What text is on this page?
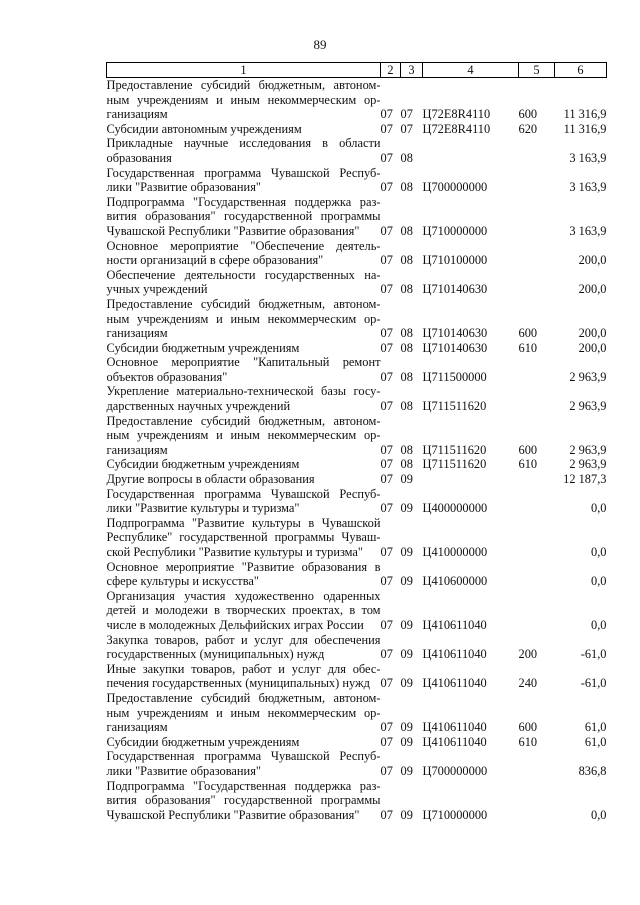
89
1	2	3	4	5	6

Предоставление субсидий бюджетным, автоном-
ным учреждениям и иным некоммерческим ор-
ганизациям	07	07	Ц72Е8R4110	600	11 316,9

Субсидии автономным учреждениям	07	07	Ц72Е8R4110	620	11 316,9

Прикладные научные исследования в области
образования	07	08			3 163,9

Государственная программа Чувашской Респуб-
лики "Развитие образования"	07	08	Ц700000000		3 163,9

Подпрограмма "Государственная поддержка раз-
вития образования" государственной программы
Чувашской Республики "Развитие образования"	07	08	Ц710000000		3 163,9

Основное мероприятие "Обеспечение деятель-
ности организаций в сфере образования"	07	08	Ц710100000		200,0

Обеспечение деятельности государственных на-
учных учреждений	07	08	Ц710140630		200,0

Предоставление субсидий бюджетным, автоном-
ным учреждениям и иным некоммерческим ор-
ганизациям	07	08	Ц710140630	600	200,0

Субсидии бюджетным учреждениям	07	08	Ц710140630	610	200,0

Основное мероприятие "Капитальный ремонт
объектов образования"	07	08	Ц711500000		2 963,9

Укрепление материально-технической базы госу-
дарственных научных учреждений	07	08	Ц711511620		2 963,9

Предоставление субсидий бюджетным, автоном-
ным учреждениям и иным некоммерческим ор-
ганизациям	07	08	Ц711511620	600	2 963,9

Субсидии бюджетным учреждениям	07	08	Ц711511620	610	2 963,9

Другие вопросы в области образования	07	09			12 187,3

Государственная программа Чувашской Респуб-
лики "Развитие культуры и туризма"	07	09	Ц400000000		0,0

Подпрограмма "Развитие культуры в Чувашской
Республике" государственной программы Чуваш-
ской Республики "Развитие культуры и туризма"	07	09	Ц410000000		0,0

Основное мероприятие "Развитие образования в
сфере культуры и искусства"	07	09	Ц410600000		0,0

Организация участия художественно одаренных
детей и молодежи в творческих проектах, в том
числе в молодежных Дельфийских играх России	07	09	Ц410611040		0,0

Закупка товаров, работ и услуг для обеспечения
государственных (муниципальных) нужд	07	09	Ц410611040	200	-61,0

Иные закупки товаров, работ и услуг для обес-
печения государственных (муниципальных) нужд	07	09	Ц410611040	240	-61,0

Предоставление субсидий бюджетным, автоном-
ным учреждениям и иным некоммерческим ор-
ганизациям	07	09	Ц410611040	600	61,0

Субсидии бюджетным учреждениям	07	09	Ц410611040	610	61,0

Государственная программа Чувашской Респуб-
лики "Развитие образования"	07	09	Ц700000000		836,8

Подпрограмма "Государственная поддержка раз-
вития образования" государственной программы
Чувашской Республики "Развитие образования"	07	09	Ц710000000		0,0
